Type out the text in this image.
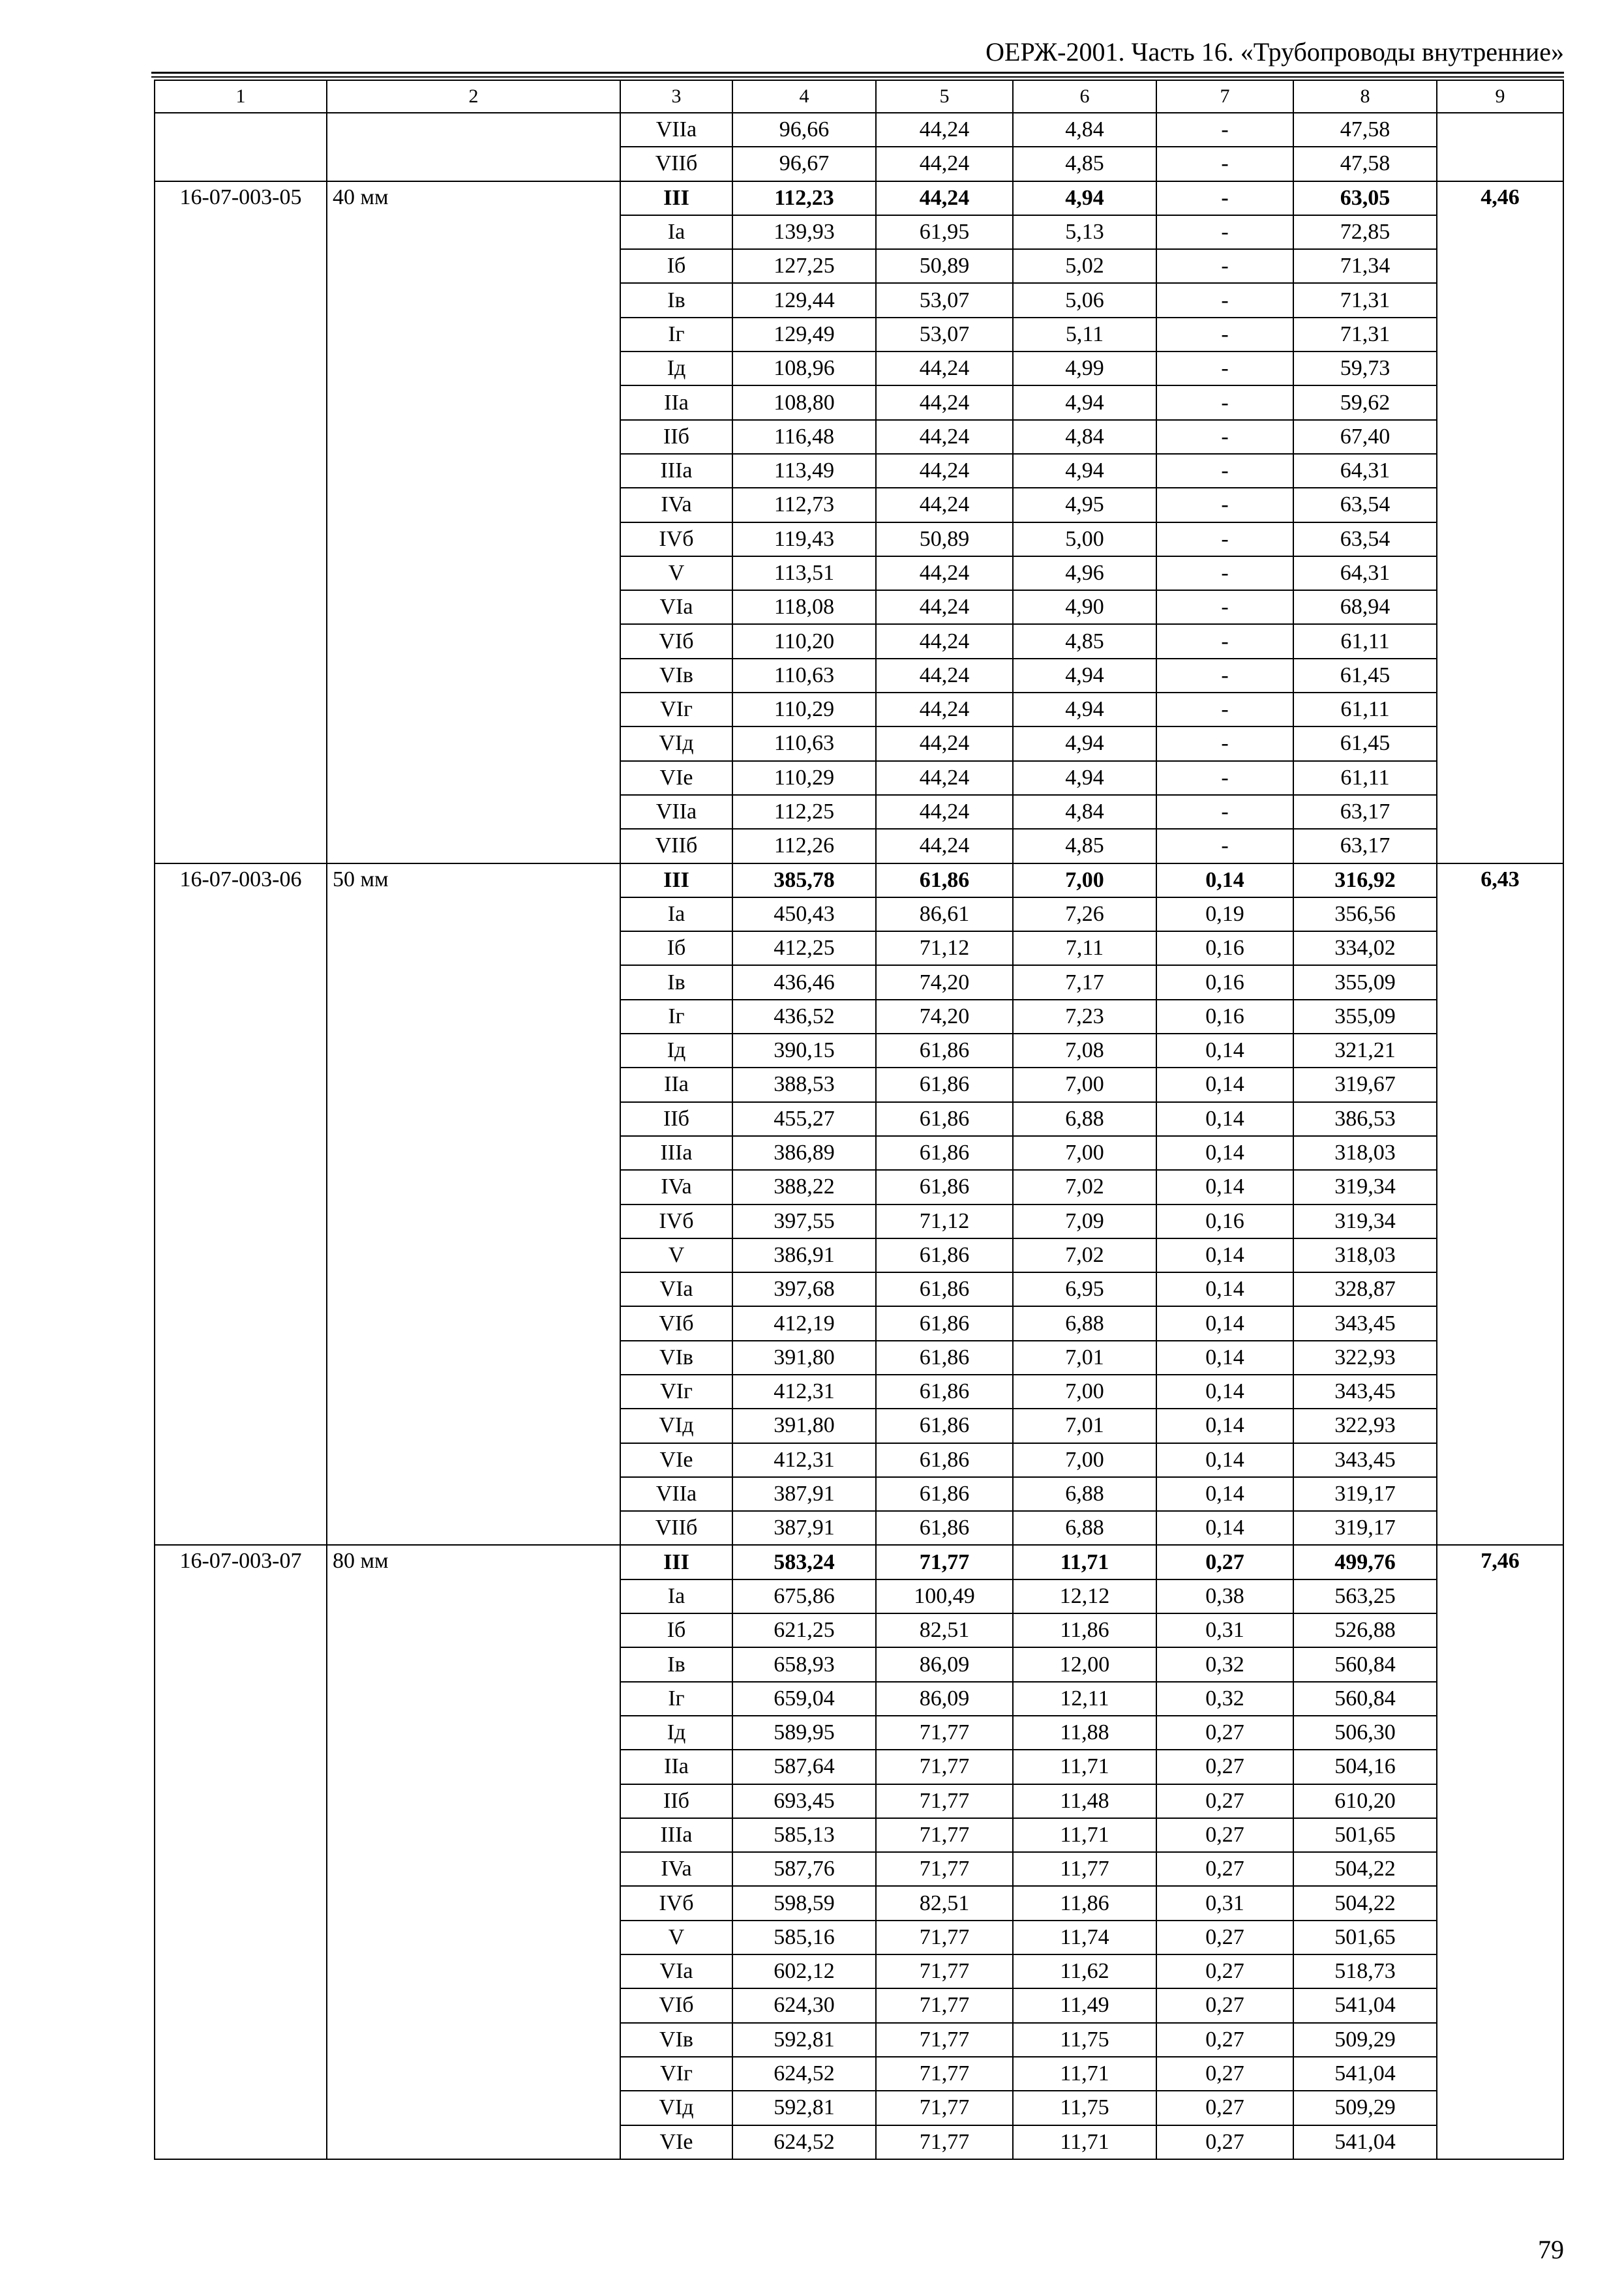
ОЕРЖ-2001. Часть 16. «Трубопроводы внутренние»
1	2	3	4	5	6	7	8	9
		VIIa	96,66	44,24	4,84	-	47,58	
		VIIб	96,67	44,24	4,85	-	47,58	
16-07-003-05	40 мм	III	112,23	44,24	4,94	-	63,05	4,46
		Ia	139,93	61,95	5,13	-	72,85	
		Iб	127,25	50,89	5,02	-	71,34	
		Iв	129,44	53,07	5,06	-	71,31	
		Iг	129,49	53,07	5,11	-	71,31	
		Iд	108,96	44,24	4,99	-	59,73	
		IIa	108,80	44,24	4,94	-	59,62	
		IIб	116,48	44,24	4,84	-	67,40	
		IIIa	113,49	44,24	4,94	-	64,31	
		IVa	112,73	44,24	4,95	-	63,54	
		IVб	119,43	50,89	5,00	-	63,54	
		V	113,51	44,24	4,96	-	64,31	
		VIa	118,08	44,24	4,90	-	68,94	
		VIб	110,20	44,24	4,85	-	61,11	
		VIв	110,63	44,24	4,94	-	61,45	
		VIг	110,29	44,24	4,94	-	61,11	
		VIд	110,63	44,24	4,94	-	61,45	
		VIe	110,29	44,24	4,94	-	61,11	
		VIIa	112,25	44,24	4,84	-	63,17	
		VIIб	112,26	44,24	4,85	-	63,17	
16-07-003-06	50 мм	III	385,78	61,86	7,00	0,14	316,92	6,43
		Ia	450,43	86,61	7,26	0,19	356,56	
		Iб	412,25	71,12	7,11	0,16	334,02	
		Iв	436,46	74,20	7,17	0,16	355,09	
		Iг	436,52	74,20	7,23	0,16	355,09	
		Iд	390,15	61,86	7,08	0,14	321,21	
		IIa	388,53	61,86	7,00	0,14	319,67	
		IIб	455,27	61,86	6,88	0,14	386,53	
		IIIa	386,89	61,86	7,00	0,14	318,03	
		IVa	388,22	61,86	7,02	0,14	319,34	
		IVб	397,55	71,12	7,09	0,16	319,34	
		V	386,91	61,86	7,02	0,14	318,03	
		VIa	397,68	61,86	6,95	0,14	328,87	
		VIб	412,19	61,86	6,88	0,14	343,45	
		VIв	391,80	61,86	7,01	0,14	322,93	
		VIг	412,31	61,86	7,00	0,14	343,45	
		VIд	391,80	61,86	7,01	0,14	322,93	
		VIe	412,31	61,86	7,00	0,14	343,45	
		VIIa	387,91	61,86	6,88	0,14	319,17	
		VIIб	387,91	61,86	6,88	0,14	319,17	
16-07-003-07	80 мм	III	583,24	71,77	11,71	0,27	499,76	7,46
		Ia	675,86	100,49	12,12	0,38	563,25	
		Iб	621,25	82,51	11,86	0,31	526,88	
		Iв	658,93	86,09	12,00	0,32	560,84	
		Iг	659,04	86,09	12,11	0,32	560,84	
		Iд	589,95	71,77	11,88	0,27	506,30	
		IIa	587,64	71,77	11,71	0,27	504,16	
		IIб	693,45	71,77	11,48	0,27	610,20	
		IIIa	585,13	71,77	11,71	0,27	501,65	
		IVa	587,76	71,77	11,77	0,27	504,22	
		IVб	598,59	82,51	11,86	0,31	504,22	
		V	585,16	71,77	11,74	0,27	501,65	
		VIa	602,12	71,77	11,62	0,27	518,73	
		VIб	624,30	71,77	11,49	0,27	541,04	
		VIв	592,81	71,77	11,75	0,27	509,29	
		VIг	624,52	71,77	11,71	0,27	541,04	
		VIд	592,81	71,77	11,75	0,27	509,29	
		VIe	624,52	71,77	11,71	0,27	541,04	
79
